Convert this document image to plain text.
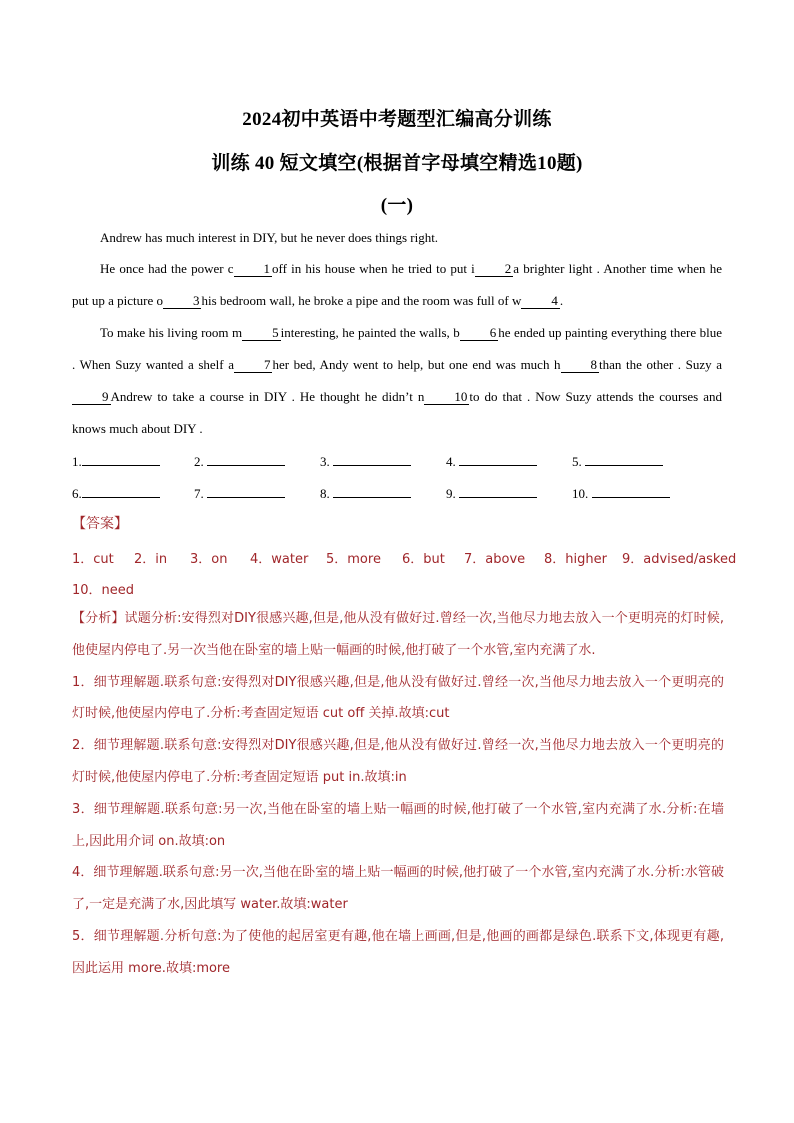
2024初中英语中考题型汇编高分训练
训练 40 短文填空(根据首字母填空精选10题)
(一)
Andrew has much interest in DIY, but he never does things right.
He once had the power c 1 off in his house when he tried to put i 2 a brighter light . Another time when he put up a picture o 3 his bedroom wall, he broke a pipe and the room was full of w 4 .
To make his living room m 5 interesting, he painted the walls, b 6 he ended up painting everything there blue . When Suzy wanted a shelf a 7 her bed, Andy went to help, but one end was much h 8 than the other . Suzy a9 Andrew to take a course in DIY . He thought he didn’t n 10 to do that . Now Suzy attends the courses and knows much about DIY .
1.	2.	3.	4.	5.
6.	7.	8.	9.	10.
【答案】
1．cut 2．in 3．on 4．water 5．more 6．but 7．above 8．higher 9．advised/asked
10．need

【分析】试题分析:安得烈对DIY很感兴趣,但是,他从没有做好过.曾经一次,当他尽力地去放入一个更明亮的灯时候,他使屋内停电了.另一次当他在卧室的墙上贴一幅画的时候,他打破了一个水管,室内充满了水.

1．细节理解题.联系句意:安得烈对DIY很感兴趣,但是,他从没有做好过.曾经一次,当他尽力地去放入一个更明亮的灯时候,他使屋内停电了.分析:考查固定短语 cut off 关掉.故填:cut

2．细节理解题.联系句意:安得烈对DIY很感兴趣,但是,他从没有做好过.曾经一次,当他尽力地去放入一个更明亮的灯时候,他使屋内停电了.分析:考查固定短语 put in.故填:in

3．细节理解题.联系句意:另一次,当他在卧室的墙上贴一幅画的时候,他打破了一个水管,室内充满了水.分析:在墙上,因此用介词 on.故填:on

4．细节理解题.联系句意:另一次,当他在卧室的墙上贴一幅画的时候,他打破了一个水管,室内充满了水.分析:水管破了,一定是充满了水,因此填写 water.故填:water

5．细节理解题.分析句意:为了使他的起居室更有趣,他在墙上画画,但是,他画的画都是绿色.联系下文,体现更有趣,因此运用 more.故填:more
